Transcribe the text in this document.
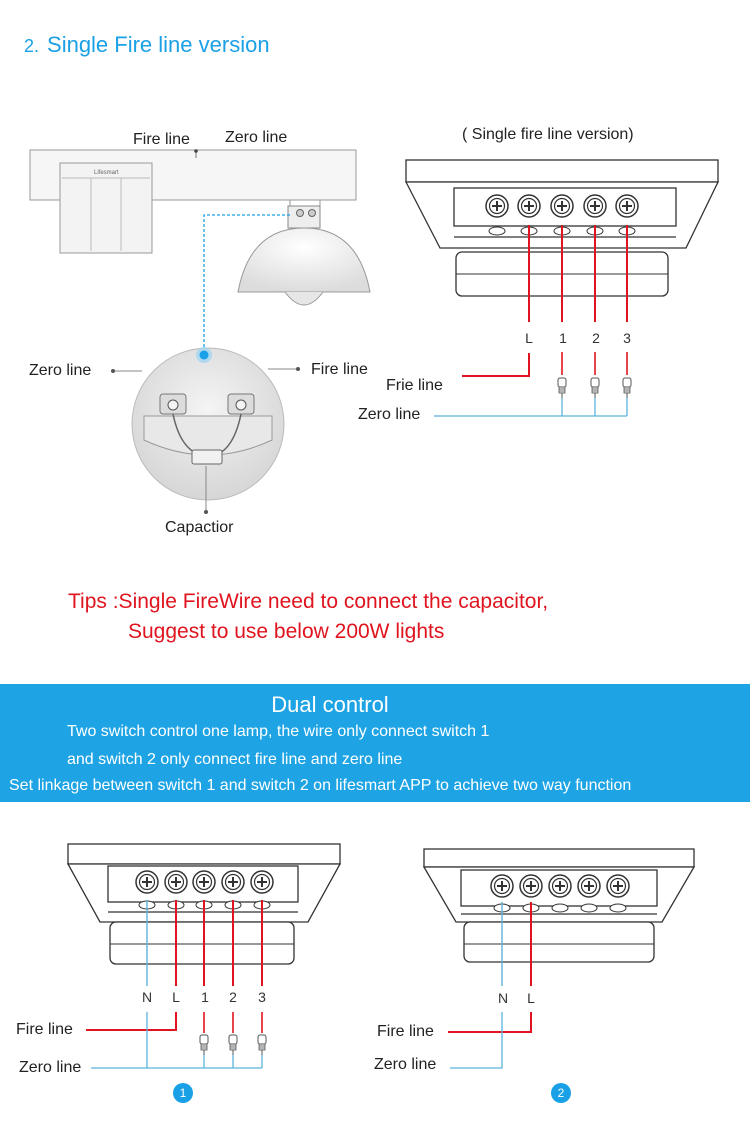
Lifesmart
L 1 2 3
N L 1 2 3
1
N L
2
2. Single Fire line version
Fire line Zero line
Zero line	Fire line
Capactior
( Single fire line version)
Frie line
Zero line
Tips :Single FireWire need to connect the capacitor,
Suggest to use below 200W lights
Dual control
Two switch control one lamp, the wire only connect switch 1
and switch 2 only connect fire line and zero line
Set linkage between switch 1 and switch 2 on lifesmart APP to achieve two way function
Fire line
Zero line
Fire line
Zero line
